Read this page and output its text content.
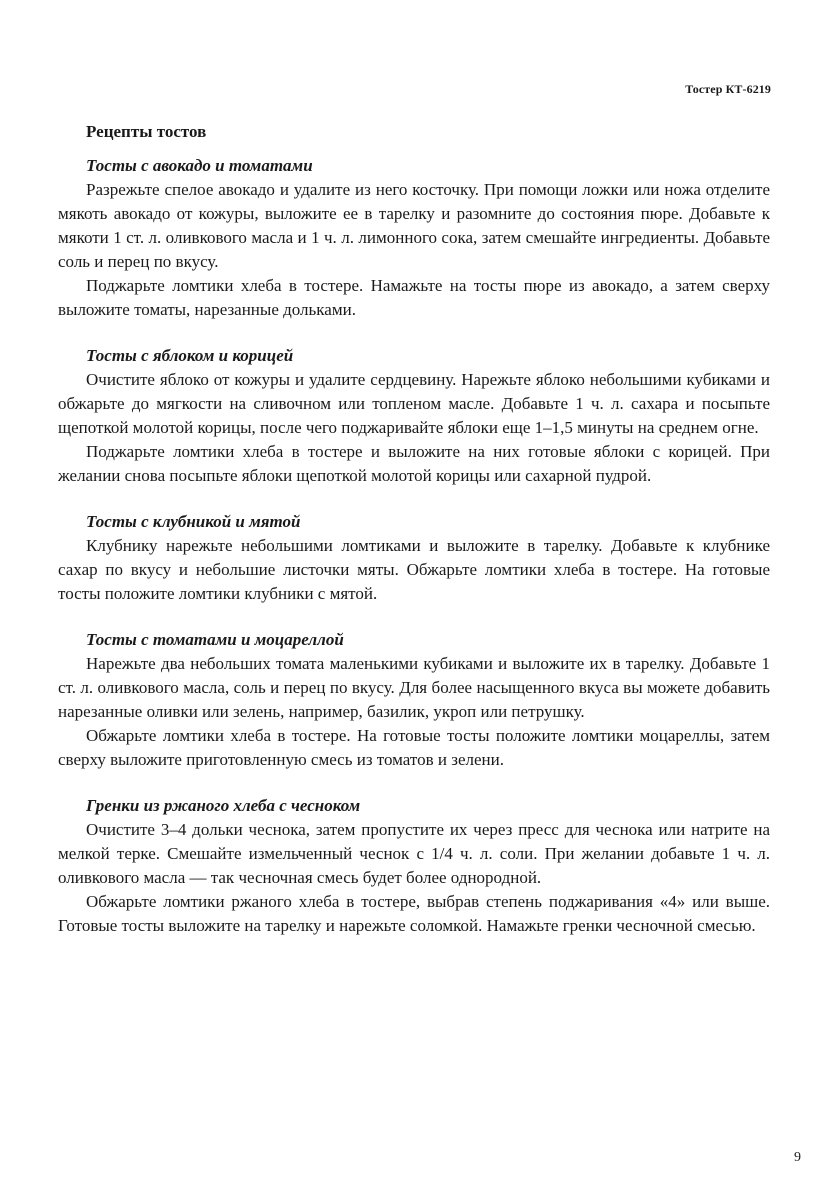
Тостер КТ-6219
Рецепты тостов
Тосты с авокадо и томатами

Разрежьте спелое авокадо и удалите из него косточку. При помощи ложки или ножа отделите мякоть авокадо от кожуры, выложите ее в тарелку и разомните до состояния пюре. Добавьте к мякоти 1 ст. л. оливкового масла и 1 ч. л. лимонного сока, затем смешайте ингредиенты. Добавьте соль и перец по вкусу.

Поджарьте ломтики хлеба в тостере. Намажьте на тосты пюре из авокадо, а затем сверху выложите томаты, нарезанные дольками.

Тосты с яблоком и корицей

Очистите яблоко от кожуры и удалите сердцевину. Нарежьте яблоко небольшими кубиками и обжарьте до мягкости на сливочном или топленом масле. Добавьте 1 ч. л. сахара и посыпьте щепоткой молотой корицы, после чего поджаривайте яблоки еще 1–1,5 минуты на среднем огне.

Поджарьте ломтики хлеба в тостере и выложите на них готовые яблоки с корицей. При желании снова посыпьте яблоки щепоткой молотой корицы или сахарной пудрой.

Тосты с клубникой и мятой

Клубнику нарежьте небольшими ломтиками и выложите в тарелку. Добавьте к клубнике сахар по вкусу и небольшие листочки мяты. Обжарьте ломтики хлеба в тостере. На готовые тосты положите ломтики клубники с мятой.

Тосты с томатами и моцареллой

Нарежьте два небольших томата маленькими кубиками и выложите их в тарелку. Добавьте 1 ст. л. оливкового масла, соль и перец по вкусу. Для более насыщенного вкуса вы можете добавить нарезанные оливки или зелень, например, базилик, укроп или петрушку.

Обжарьте ломтики хлеба в тостере. На готовые тосты положите ломтики моцареллы, затем сверху выложите приготовленную смесь из томатов и зелени.

Гренки из ржаного хлеба с чесноком

Очистите 3–4 дольки чеснока, затем пропустите их через пресс для чеснока или натрите на мелкой терке. Смешайте измельченный чеснок с 1/4 ч. л. соли. При желании добавьте 1 ч. л. оливкового масла — так чесночная смесь будет более однородной.

Обжарьте ломтики ржаного хлеба в тостере, выбрав степень поджаривания «4» или выше. Готовые тосты выложите на тарелку и нарежьте соломкой. Намажьте гренки чесночной смесью.

9
